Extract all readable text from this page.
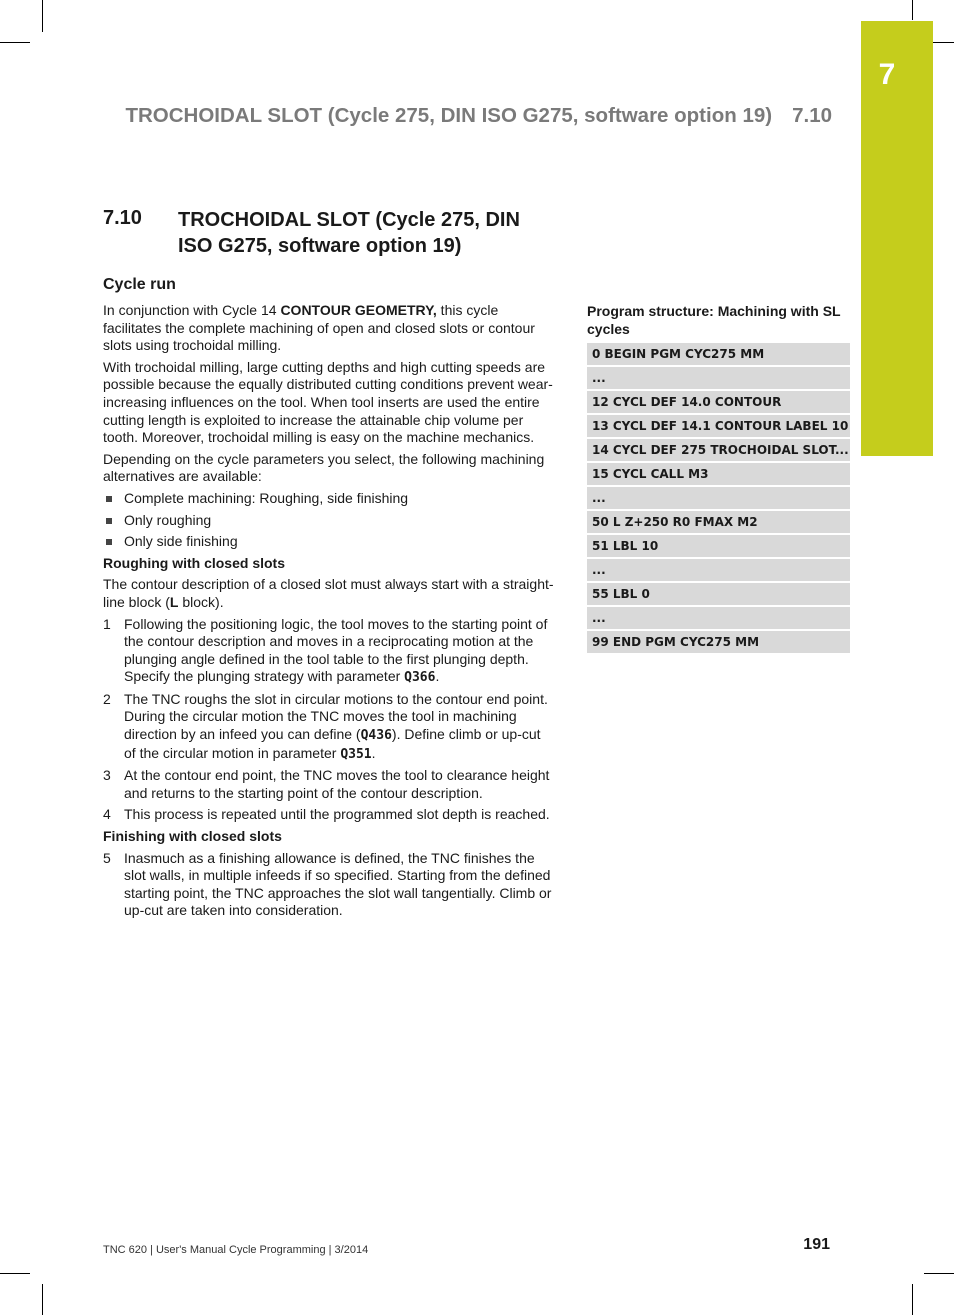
7
TROCHOIDAL SLOT (Cycle 275, DIN ISO G275, software option 19) 7.10
7.10 TROCHOIDAL SLOT (Cycle 275, DIN ISO G275, software option 19)
Cycle run

In conjunction with Cycle 14 CONTOUR GEOMETRY, this cycle facilitates the complete machining of open and closed slots or contour slots using trochoidal milling.

With trochoidal milling, large cutting depths and high cutting speeds are possible because the equally distributed cutting conditions prevent wear-increasing influences on the tool. When tool inserts are used the entire cutting length is exploited to increase the attainable chip volume per tooth. Moreover, trochoidal milling is easy on the machine mechanics.

Depending on the cycle parameters you select, the following machining alternatives are available:

Complete machining: Roughing, side finishing
Only roughing
Only side finishing
Roughing with closed slots

The contour description of a closed slot must always start with a straight-line block (L block).

1 Following the positioning logic, the tool moves to the starting point of the contour description and moves in a reciprocating motion at the plunging angle defined in the tool table to the first plunging depth. Specify the plunging strategy with parameter Q366.
2 The TNC roughs the slot in circular motions to the contour end point. During the circular motion the TNC moves the tool in machining direction by an infeed you can define (Q436). Define climb or up-cut of the circular motion in parameter Q351.
3 At the contour end point, the TNC moves the tool to clearance height and returns to the starting point of the contour description.
4 This process is repeated until the programmed slot depth is reached.
Finishing with closed slots
5 Inasmuch as a finishing allowance is defined, the TNC finishes the slot walls, in multiple infeeds if so specified. Starting from the defined starting point, the TNC approaches the slot wall tangentially. Climb or up-cut are taken into consideration.
Program structure: Machining with SL cycles
0 BEGIN PGM CYC275 MM
...
12 CYCL DEF 14.0 CONTOUR
13 CYCL DEF 14.1 CONTOUR LABEL 10
14 CYCL DEF 275 TROCHOIDAL SLOT...
15 CYCL CALL M3
...
50 L Z+250 R0 FMAX M2
51 LBL 10
...
55 LBL 0
...
99 END PGM CYC275 MM
TNC 620 | User's Manual Cycle Programming | 3/2014	191
